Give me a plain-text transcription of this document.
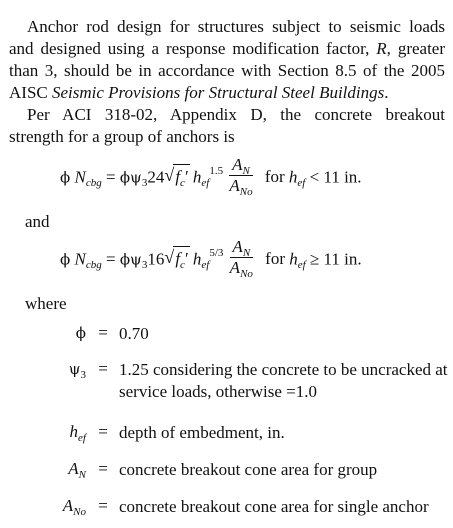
Anchor rod design for structures subject to seismic loads
and designed using a response modification factor, R, greater
than 3, should be in accordance with Section 8.5 of the 2005
AISC Seismic Provisions for Structural Steel Buildings.
Per ACI 318-02, Appendix D, the concrete breakout
strength for a group of anchors is
ϕ $N_{cbg} = \phi\psi_324$ √ $f_c'$ $h_{ef}^{1.5} \frac{A_N}{A_{No}}$ for $h_{ef} < 11$ in.
and
ϕ $N_{cbg} = \phi\psi_316$ √ $f_c'$ $h_{ef}^{5/3} \frac{A_N}{A_{No}}$ for $h_{ef} \ge 11$ in.
where
ϕ = 0.70
$\psi_3 = 1.25$ considering the concrete to be uncracked at
service loads, otherwise =1.0
$h_{ef}$ = depth of embedment, in.
$A_N$ = concrete breakout cone area for group
$A_{No}$ = concrete breakout cone area for single anchor
